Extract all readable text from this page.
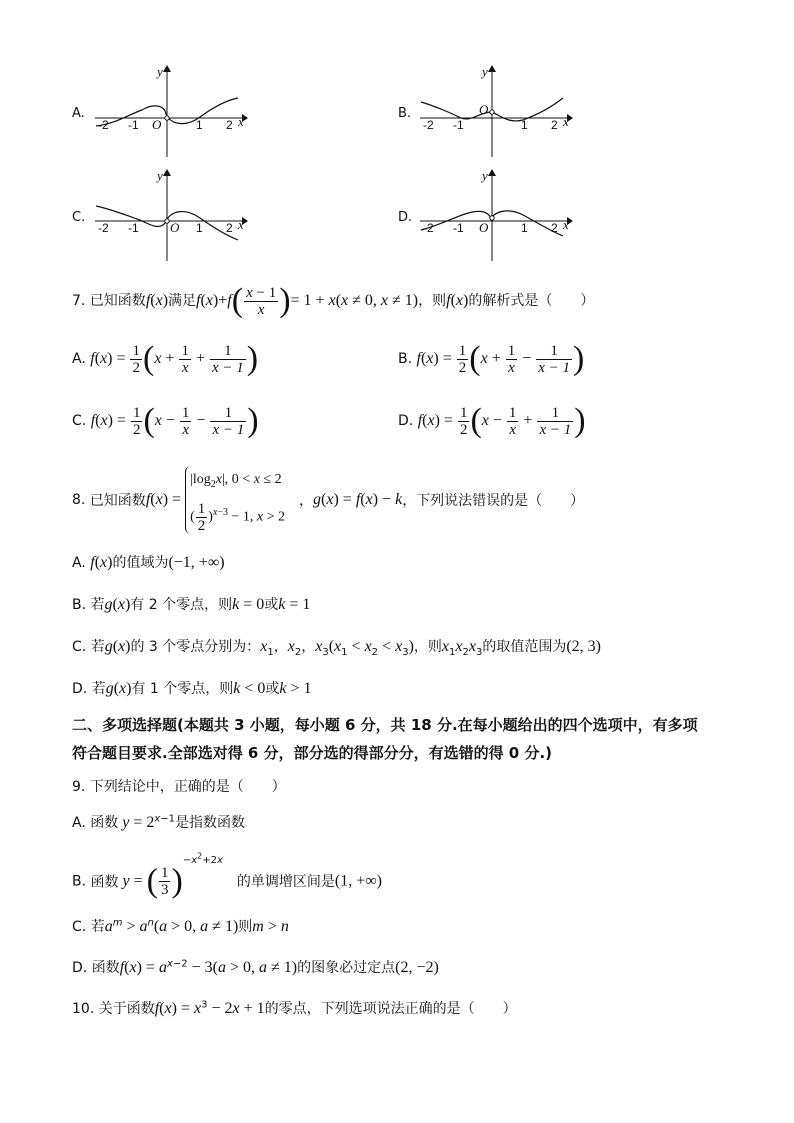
A.
-2 -1 O	1 2 x
y
B.
-2 -1
O
1 2 x
y
C.
-2 -1 O 1 2 x
y
D.
-2 -1 O	1 2 x
y
7. 已知函数f(x)满足$f(x)+f( \frac{x - 1}{x}$ )= 1 + x(x ≠ 0, x ≠ 1)，则f(x)的解析式是（　　）
A. $f(x) = \frac{1}{2} (x + \frac{1}{x} + \frac{1}{x - 1}$ )	B. $f(x) = \frac{1}{2} (x + \frac{1}{x} - \frac{1}{x - 1}$ )
C. $f(x) = \frac{1}{2} (x - \frac{1}{x} - \frac{1}{x - 1}$ )	D. $f(x) = \frac{1}{2} (x - \frac{1}{x} + \frac{1}{x - 1}$ )
8. 已知函数f(x) =
$|\log_2x|$, 0 < x ≤ 2
( $\frac{1}{2} )^{x-3} - 1$, x > 2
　，g(x) = f(x) − k，下列说法错误的是（　　）
A. f(x)的值域为(−1, +∞)
B. 若g(x)有 2 个零点，则k = 0或k = 1
C. 若g(x)的 3 个零点分别为：$x_1$，$x_2$，$x_3(x_1 < x_2 < x_3)$，则$x_1x_2x_3$的取值范围为(2, 3)
D. 若g(x)有 1 个零点，则k < 0或k > 1
二、多项选择题(本题共 3 小题，每小题 6 分，共 18 分.在每小题给出的四个选项中，有多项
符合题目要求.全部选对得 6 分，部分选的得部分分，有选错的得 0 分.)
9. 下列结论中，正确的是（　　）
A. 函数 $y = 2^{x-1}$是指数函数
B. 函数 y = ( $\frac{1}{3} )^{-x^2+2x}$的单调增区间是(1, +∞)
C. 若$a^m > a^n(a > 0$, a ≠ 1)则m > n
D. 函数$f(x) = a^{x-2} - 3(a > 0$, a ≠ 1)的图象必过定点(2, −2)
10. 关于函数$f(x) = x^3 - 2x + 1$的零点，下列选项说法正确的是（　　）
